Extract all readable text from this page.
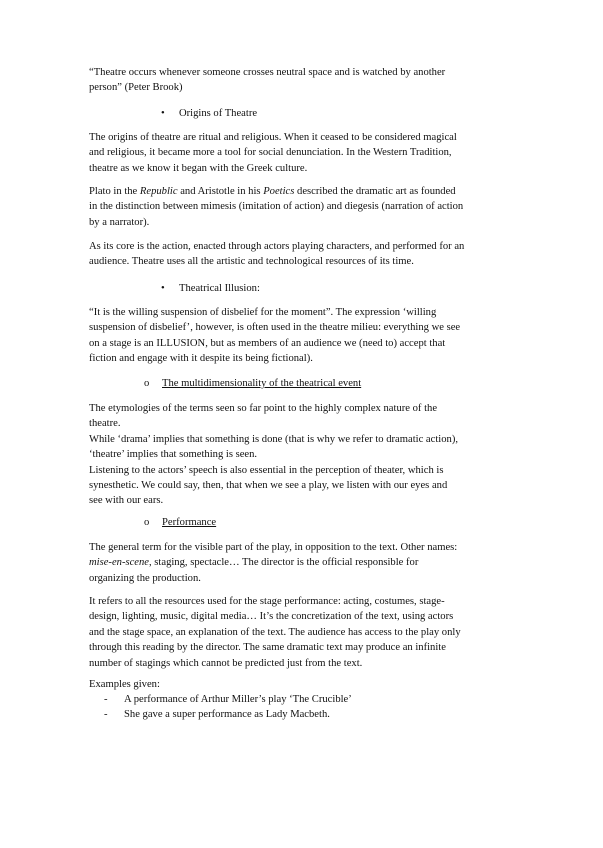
“Theatre occurs whenever someone crosses neutral space and is watched by another
person” (Peter Brook)

• Origins of Theatre

The origins of theatre are ritual and religious. When it ceased to be considered magical
and religious, it became more a tool for social denunciation. In the Western Tradition,
theatre as we know it began with the Greek culture.

Plato in the Republic and Aristotle in his Poetics described the dramatic art as founded
in the distinction between mimesis (imitation of action) and diegesis (narration of action
by a narrator).

As its core is the action, enacted through actors playing characters, and performed for an
audience. Theatre uses all the artistic and technological resources of its time.

• Theatrical Illusion:

“It is the willing suspension of disbelief for the moment”. The expression ‘willing
suspension of disbelief’, however, is often used in the theatre milieu: everything we see
on a stage is an ILLUSION, but as members of an audience we (need to) accept that
fiction and engage with it despite its being fictional).

o The multidimensionality of the theatrical event

The etymologies of the terms seen so far point to the highly complex nature of the
theatre.
While ‘drama’ implies that something is done (that is why we refer to dramatic action),
‘theatre’ implies that something is seen.
Listening to the actors’ speech is also essential in the perception of theater, which is
synesthetic. We could say, then, that when we see a play, we listen with our eyes and
see with our ears.

o Performance

The general term for the visible part of the play, in opposition to the text. Other names:
mise-en-scene, staging, spectacle… The director is the official responsible for
organizing the production.

It refers to all the resources used for the stage performance: acting, costumes, stage-
design, lighting, music, digital media… It’s the concretization of the text, using actors
and the stage space, an explanation of the text. The audience has access to the play only
through this reading by the director. The same dramatic text may produce an infinite
number of stagings which cannot be predicted just from the text.

Examples given:

- A performance of Arthur Miller’s play ‘The Crucible’
- She gave a super performance as Lady Macbeth.
